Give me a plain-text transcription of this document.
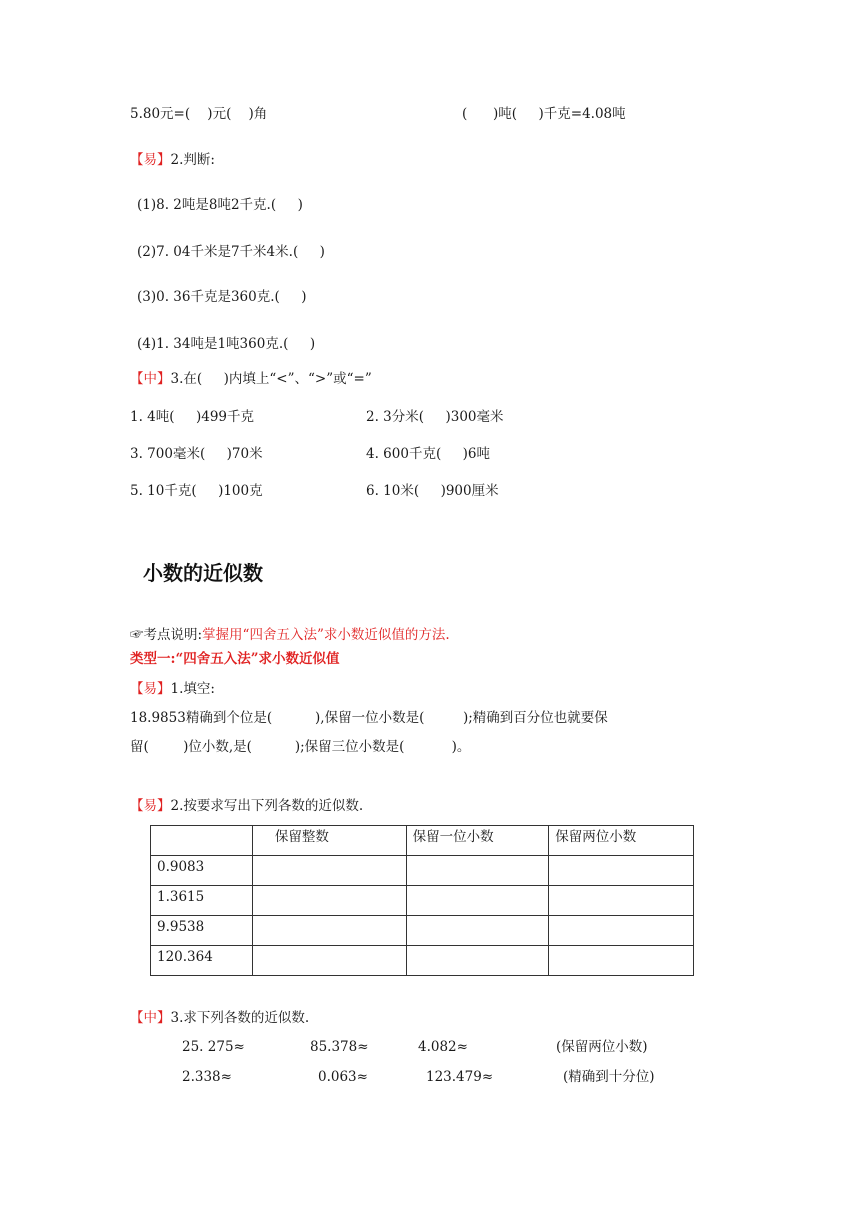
5.80元=(    )元(    )角	(      )吨(     )千克=4.08吨
【易】2.判断:
(1)8. 2吨是8吨2千克.(     )
(2)7. 04千米是7千米4米.(     )
(3)0. 36千克是360克.(     )
(4)1. 34吨是1吨360克.(     )
【中】3.在(     )内填上“<”、“>”或“=”
1. 4吨(     )499千克	2. 3分米(     )300毫米
3. 700毫米(     )70米	4. 600千克(     )6吨
5. 10千克(     )100克	6. 10米(     )900厘米
小数的近似数
☞考点说明:掌握用“四舍五入法”求小数近似值的方法.
类型一:“四舍五入法”求小数近似值
【易】1.填空:
18.9853精确到个位是(          ),保留一位小数是(         );精确到百分位也就要保
留(        )位小数,是(          );保留三位小数是(           )。
【易】2.按要求写出下列各数的近似数.
	保留整数	保留一位小数	保留两位小数
0.9083			
1.3615			
9.9538			
120.364			
【中】3.求下列各数的近似数.
25. 275≈	85.378≈	4.082≈	(保留两位小数)
2.338≈	0.063≈	123.479≈	(精确到十分位)
